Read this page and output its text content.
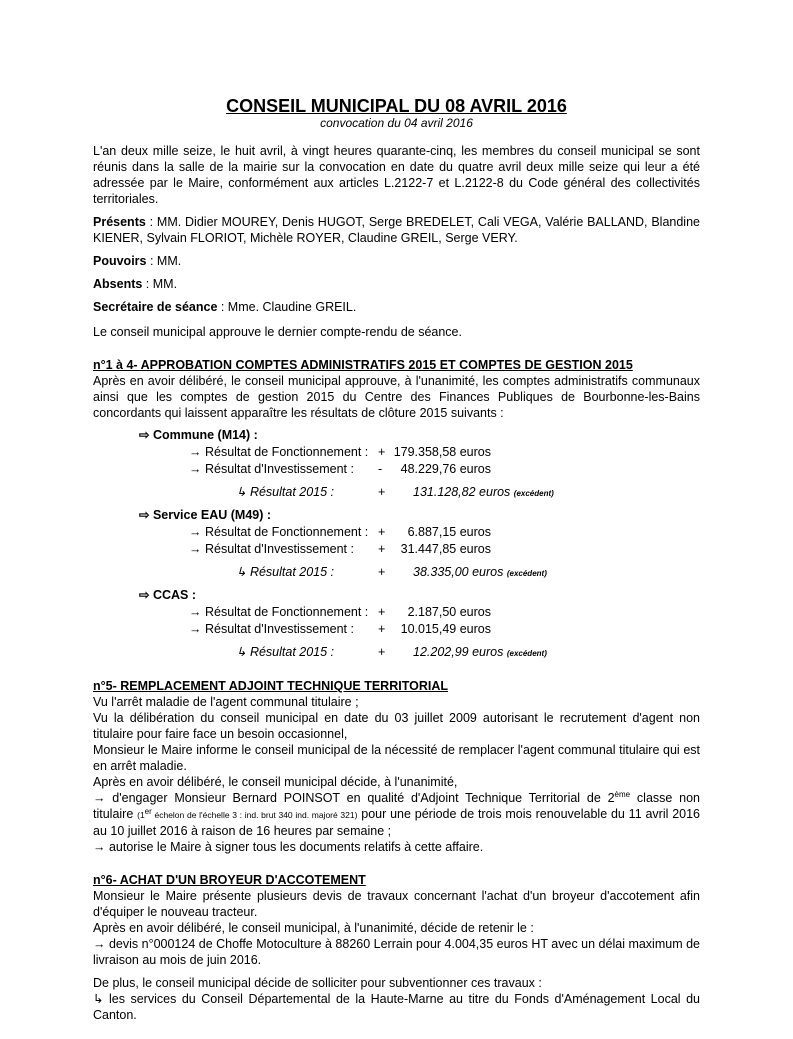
CONSEIL MUNICIPAL DU 08 AVRIL 2016
convocation du 04 avril 2016

L'an deux mille seize, le huit avril, à vingt heures quarante-cinq, les membres du conseil municipal se sont réunis dans la salle de la mairie sur la convocation en date du quatre avril deux mille seize qui leur a été adressée par le Maire, conformément aux articles L.2122-7 et L.2122-8 du Code général des collectivités territoriales.

Présents : MM. Didier MOUREY, Denis HUGOT, Serge BREDELET, Cali VEGA, Valérie BALLAND, Blandine KIENER, Sylvain FLORIOT, Michèle ROYER, Claudine GREIL, Serge VERY.

Pouvoirs : MM.

Absents : MM.

Secrétaire de séance : Mme. Claudine GREIL.

Le conseil municipal approuve le dernier compte-rendu de séance.

n°1 à 4- APPROBATION COMPTES ADMINISTRATIFS 2015 ET COMPTES DE GESTION 2015

Après en avoir délibéré, le conseil municipal approuve, à l'unanimité, les comptes administratifs communaux ainsi que les comptes de gestion 2015 du Centre des Finances Publiques de Bourbonne-les-Bains concordants qui laissent apparaître les résultats de clôture 2015 suivants :

⇨ Commune (M14) :
→ Résultat de Fonctionnement : + 179.358,58 euros
→ Résultat d'Investissement : -	48.229,76 euros
↳ Résultat 2015 :	+ 131.128,82 euros (excédent)
⇨ Service EAU (M49) :
→ Résultat de Fonctionnement : +	6.887,15 euros
→ Résultat d'Investissement : +	31.447,85 euros
↳ Résultat 2015 :	+ 38.335,00 euros (excédent)
⇨ CCAS :
→ Résultat de Fonctionnement : +	2.187,50 euros
→ Résultat d'Investissement : +	10.015,49 euros
↳ Résultat 2015 :	+ 12.202,99 euros (excédent)
n°5- REMPLACEMENT ADJOINT TECHNIQUE TERRITORIAL

Vu l'arrêt maladie de l'agent communal titulaire ;

Vu la délibération du conseil municipal en date du 03 juillet 2009 autorisant le recrutement d'agent non titulaire pour faire face un besoin occasionnel,

Monsieur le Maire informe le conseil municipal de la nécessité de remplacer l'agent communal titulaire qui est en arrêt maladie.

Après en avoir délibéré, le conseil municipal décide, à l'unanimité,

→ d'engager Monsieur Bernard POINSOT en qualité d'Adjoint Technique Territorial de 2ème classe non titulaire (1er échelon de l'échelle 3 : ind. brut 340 ind. majoré 321) pour une période de trois mois renouvelable du 11 avril 2016 au 10 juillet 2016 à raison de 16 heures par semaine ;

→ autorise le Maire à signer tous les documents relatifs à cette affaire.

n°6- ACHAT D'UN BROYEUR D'ACCOTEMENT

Monsieur le Maire présente plusieurs devis de travaux concernant l'achat d'un broyeur d'accotement afin d'équiper le nouveau tracteur.

Après en avoir délibéré, le conseil municipal, à l'unanimité, décide de retenir le :

→ devis n°000124 de Choffe Motoculture à 88260 Lerrain pour 4.004,35 euros HT avec un délai maximum de livraison au mois de juin 2016.

De plus, le conseil municipal décide de solliciter pour subventionner ces travaux :

↳ les services du Conseil Départemental de la Haute-Marne au titre du Fonds d'Aménagement Local du Canton.
